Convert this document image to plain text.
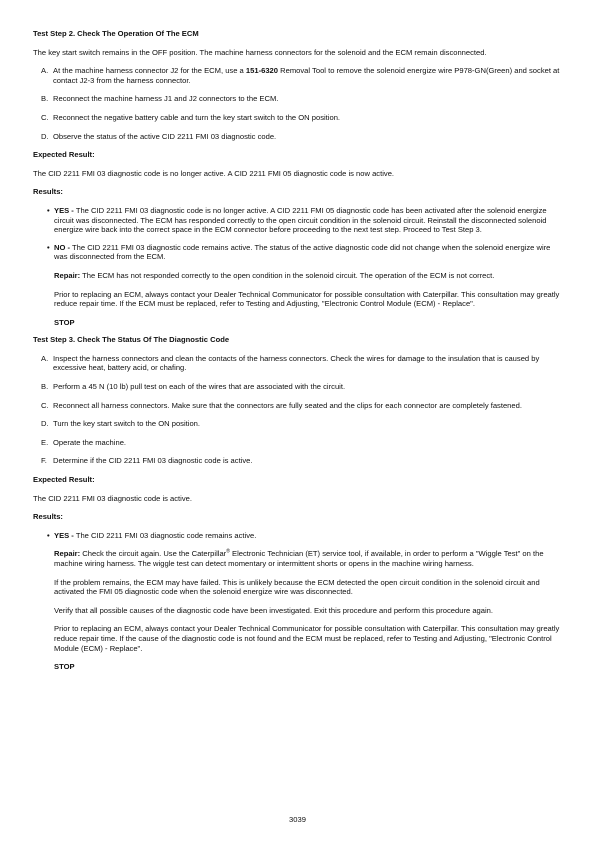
Test Step 2. Check The Operation Of The ECM

The key start switch remains in the OFF position. The machine harness connectors for the solenoid and the ECM remain disconnected.

A. At the machine harness connector J2 for the ECM, use a 151-6320 Removal Tool to remove the solenoid energize wire P978-GN(Green) and socket at contact J2-3 from the harness connector.
B. Reconnect the machine harness J1 and J2 connectors to the ECM.
C. Reconnect the negative battery cable and turn the key start switch to the ON position.
D. Observe the status of the active CID 2211 FMI 03 diagnostic code.

Expected Result:

The CID 2211 FMI 03 diagnostic code is no longer active. A CID 2211 FMI 05 diagnostic code is now active.

Results:

• YES - The CID 2211 FMI 03 diagnostic code is no longer active. A CID 2211 FMI 05 diagnostic code has been activated after the solenoid energize circuit was disconnected. The ECM has responded correctly to the open circuit condition in the solenoid circuit. Reinstall the disconnected solenoid energize wire back into the correct space in the ECM connector before proceeding to the next test step. Proceed to Test Step 3.
• NO - The CID 2211 FMI 03 diagnostic code remains active. The status of the active diagnostic code did not change when the solenoid energize wire was disconnected from the ECM.

Repair: The ECM has not responded correctly to the open condition in the solenoid circuit. The operation of the ECM is not correct.

Prior to replacing an ECM, always contact your Dealer Technical Communicator for possible consultation with Caterpillar. This consultation may greatly reduce repair time. If the ECM must be replaced, refer to Testing and Adjusting, "Electronic Control Module (ECM) - Replace".

STOP

Test Step 3. Check The Status Of The Diagnostic Code

A. Inspect the harness connectors and clean the contacts of the harness connectors. Check the wires for damage to the insulation that is caused by excessive heat, battery acid, or chafing.
B. Perform a 45 N (10 lb) pull test on each of the wires that are associated with the circuit.
C. Reconnect all harness connectors. Make sure that the connectors are fully seated and the clips for each connector are completely fastened.
D. Turn the key start switch to the ON position.
E. Operate the machine.
F. Determine if the CID 2211 FMI 03 diagnostic code is active.

Expected Result:

The CID 2211 FMI 03 diagnostic code is active.

Results:

• YES - The CID 2211 FMI 03 diagnostic code remains active.

Repair: Check the circuit again. Use the Caterpillar® Electronic Technician (ET) service tool, if available, in order to perform a "Wiggle Test" on the machine wiring harness. The wiggle test can detect momentary or intermittent shorts or opens in the machine wiring harness.

If the problem remains, the ECM may have failed. This is unlikely because the ECM detected the open circuit condition in the solenoid circuit and activated the FMI 05 diagnostic code when the solenoid energize wire was disconnected.

Verify that all possible causes of the diagnostic code have been investigated. Exit this procedure and perform this procedure again.

Prior to replacing an ECM, always contact your Dealer Technical Communicator for possible consultation with Caterpillar. This consultation may greatly reduce repair time. If the cause of the diagnostic code is not found and the ECM must be replaced, refer to Testing and Adjusting, "Electronic Control Module (ECM) - Replace".

STOP

3039
